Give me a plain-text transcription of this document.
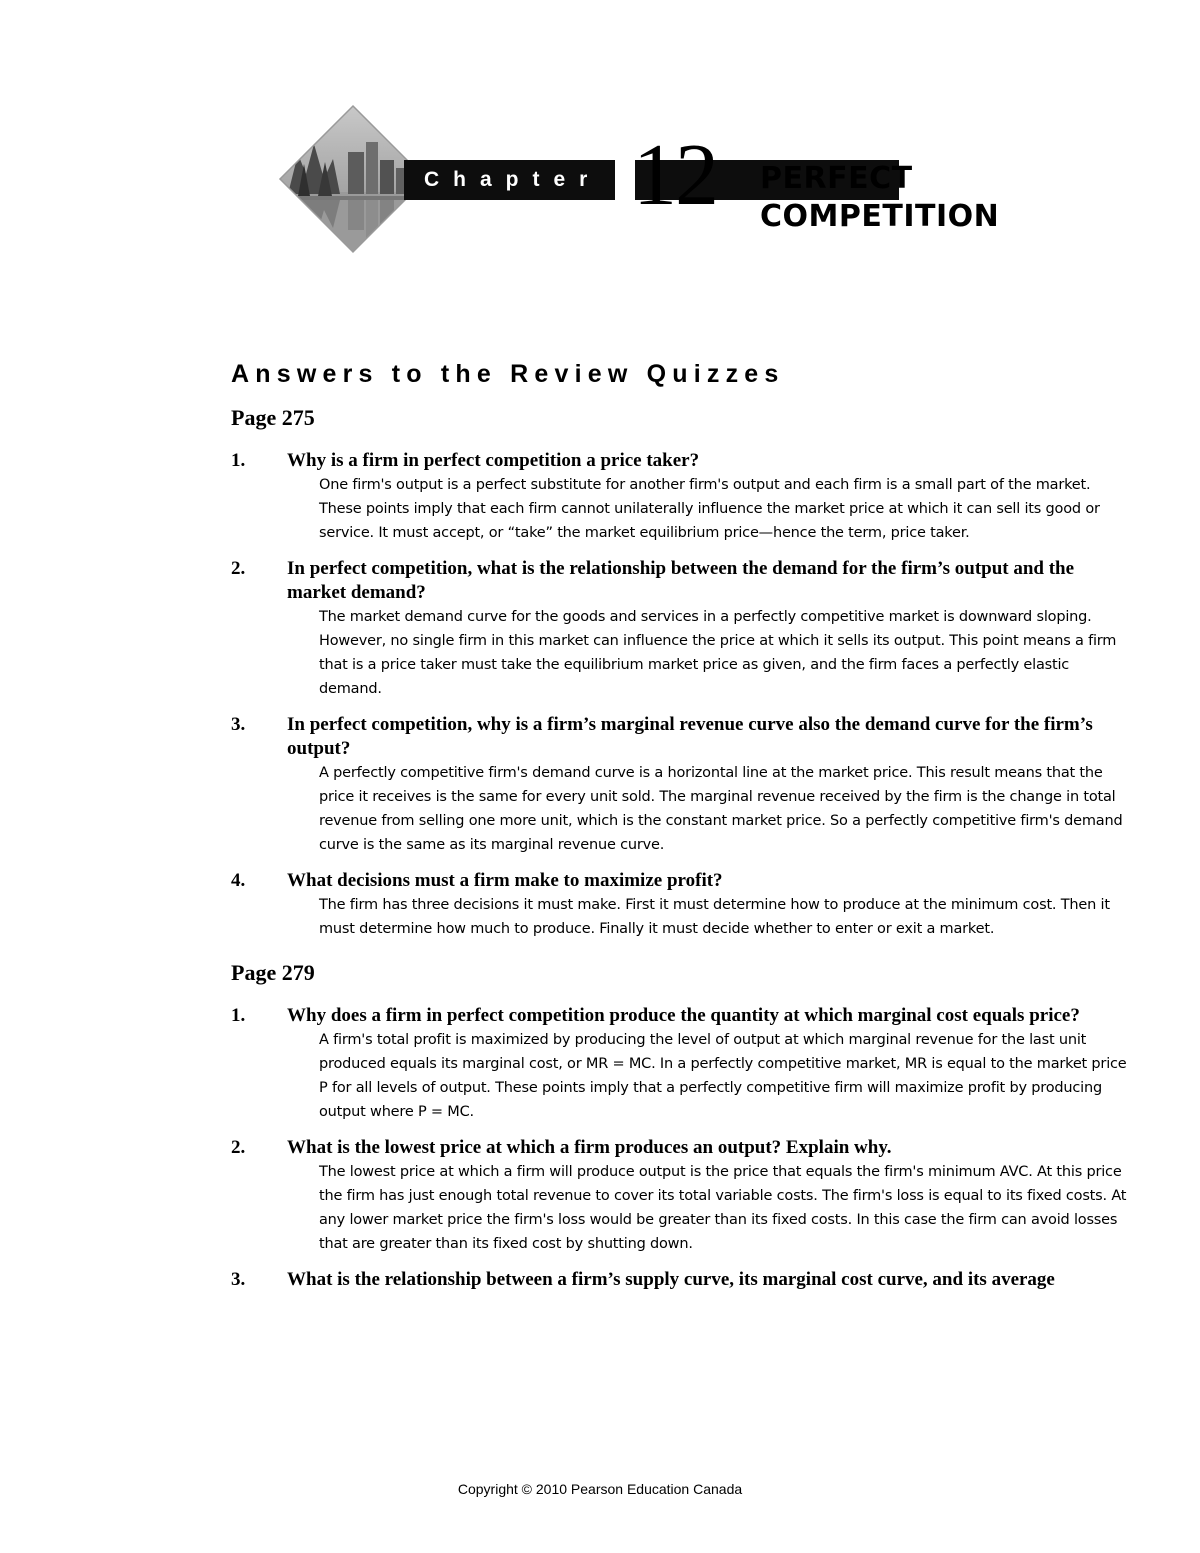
Chapter 12 PERFECT
COMPETITION
Answers to the Review Quizzes
Page 275
1. Why is a firm in perfect competition a price taker?
One firm's output is a perfect substitute for another firm's output and each firm is a small part of the market. These points imply that each firm cannot unilaterally influence the market price at which it can sell its good or service. It must accept, or “take” the market equilibrium price—hence the term, price taker.
2. In perfect competition, what is the relationship between the demand for the firm’s output and the market demand?
The market demand curve for the goods and services in a perfectly competitive market is downward sloping. However, no single firm in this market can influence the price at which it sells its output. This point means a firm that is a price taker must take the equilibrium market price as given, and the firm faces a perfectly elastic demand.
3. In perfect competition, why is a firm’s marginal revenue curve also the demand curve for the firm’s output?
A perfectly competitive firm's demand curve is a horizontal line at the market price. This result means that the price it receives is the same for every unit sold. The marginal revenue received by the firm is the change in total revenue from selling one more unit, which is the constant market price. So a perfectly competitive firm's demand curve is the same as its marginal revenue curve.
4. What decisions must a firm make to maximize profit?
The firm has three decisions it must make. First it must determine how to produce at the minimum cost. Then it must determine how much to produce. Finally it must decide whether to enter or exit a market.
Page 279
1. Why does a firm in perfect competition produce the quantity at which marginal cost equals price?
A firm's total profit is maximized by producing the level of output at which marginal revenue for the last unit produced equals its marginal cost, or MR = MC. In a perfectly competitive market, MR is equal to the market price P for all levels of output. These points imply that a perfectly competitive firm will maximize profit by producing output where P = MC.
2. What is the lowest price at which a firm produces an output? Explain why.
The lowest price at which a firm will produce output is the price that equals the firm's minimum AVC. At this price the firm has just enough total revenue to cover its total variable costs. The firm's loss is equal to its fixed costs. At any lower market price the firm's loss would be greater than its fixed costs. In this case the firm can avoid losses that are greater than its fixed cost by shutting down.
3. What is the relationship between a firm’s supply curve, its marginal cost curve, and its average
Copyright © 2010 Pearson Education Canada
